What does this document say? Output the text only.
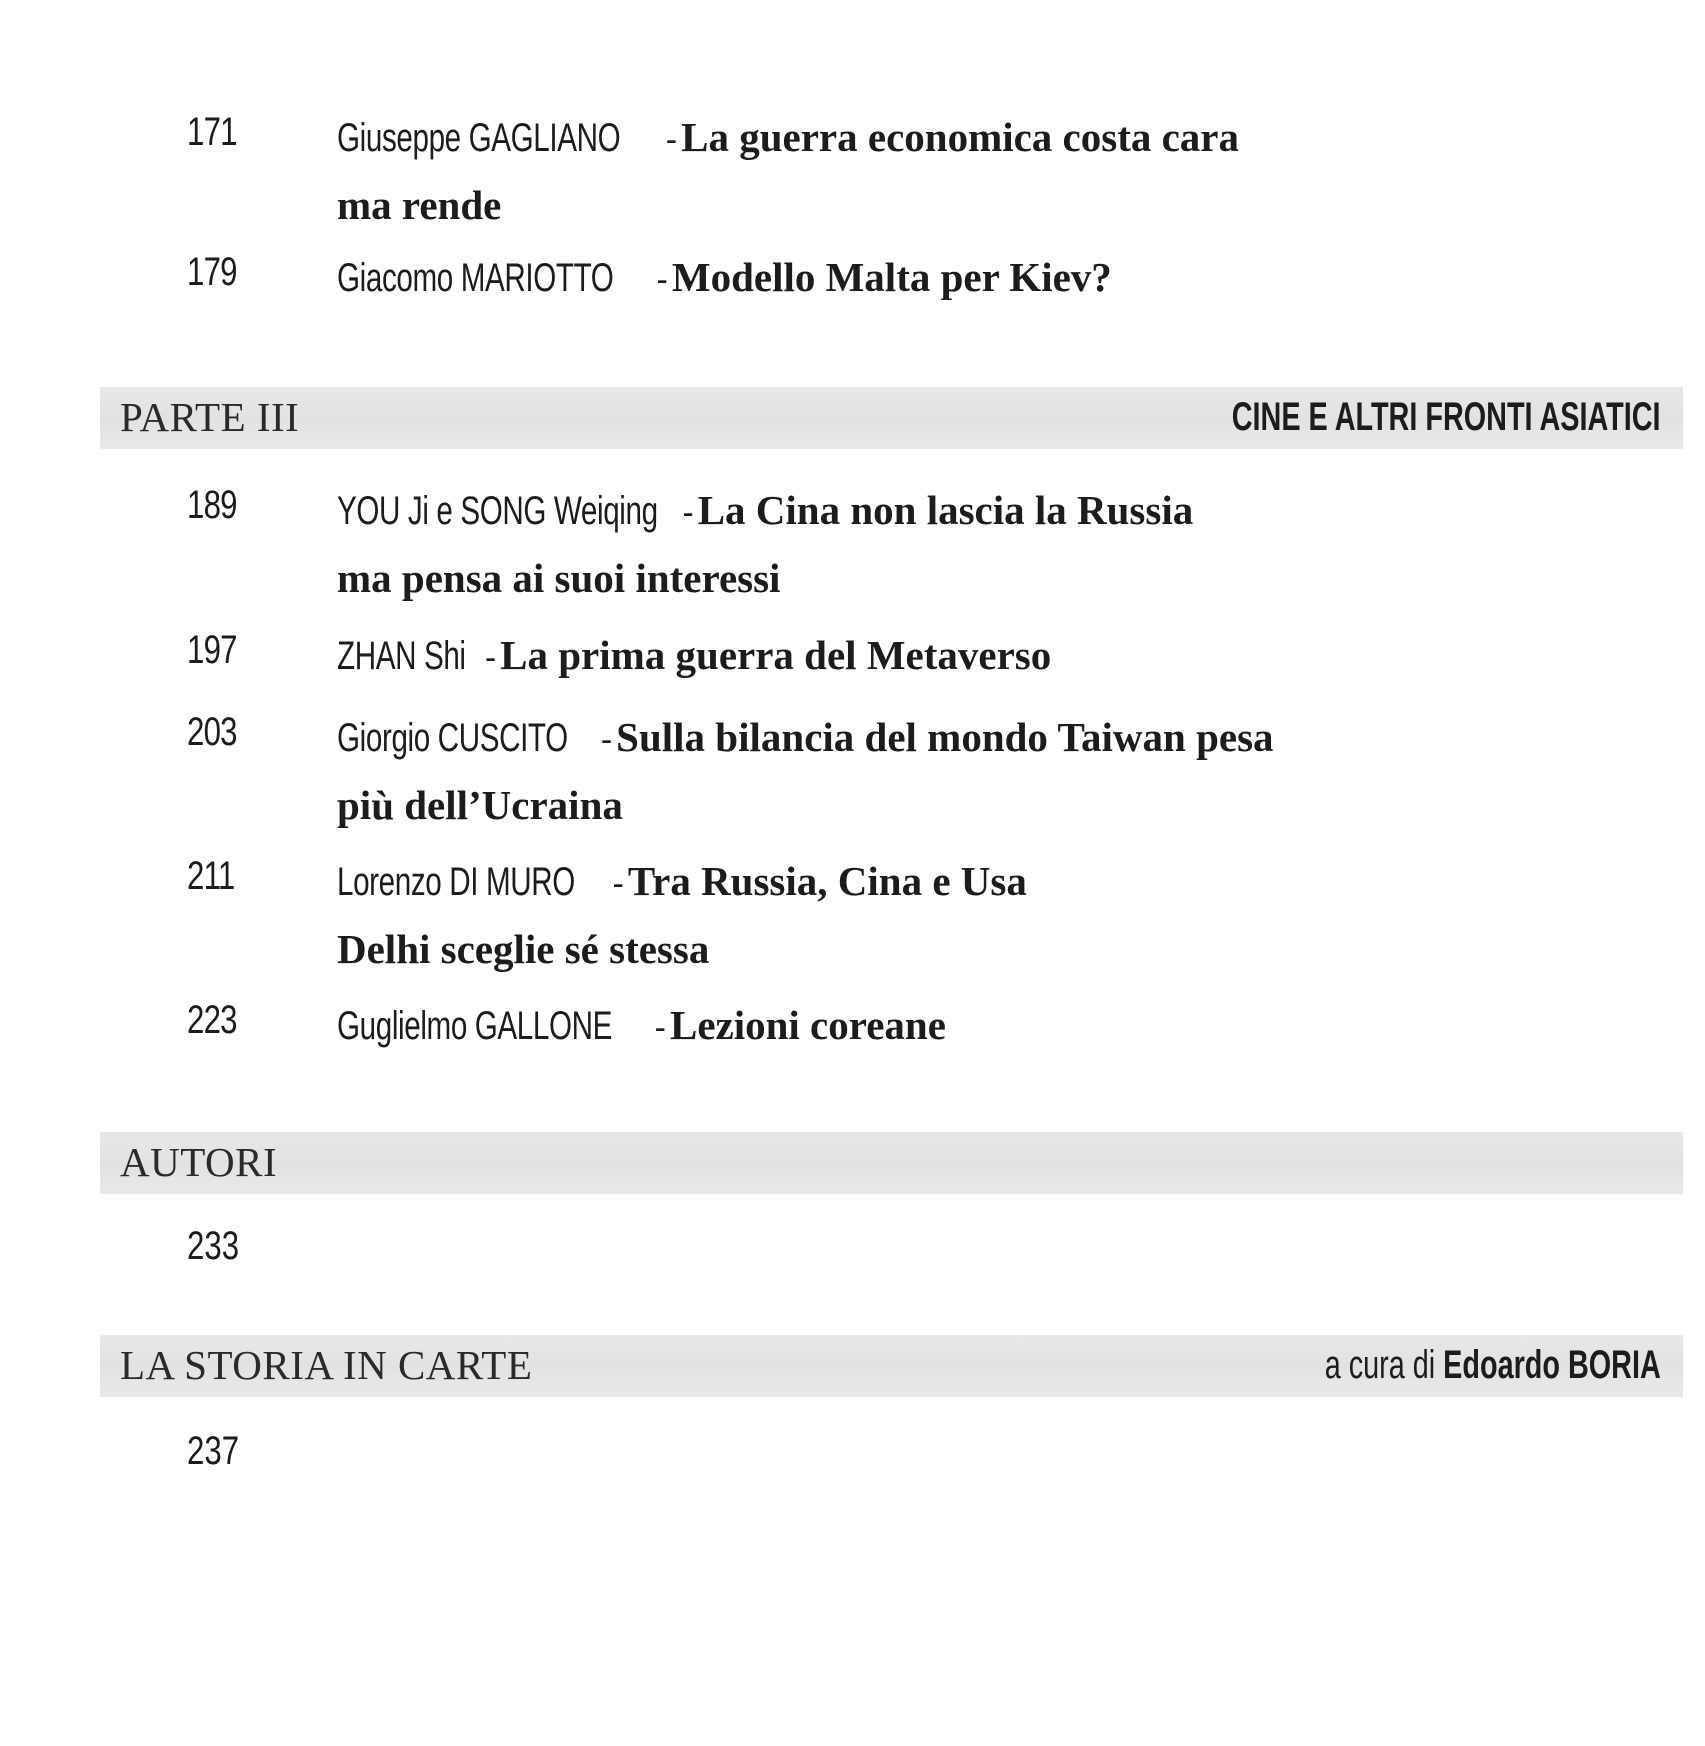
171	Giuseppe GAGLIANO - La guerra economica costa cara
ma rende
179	Giacomo MARIOTTO - Modello Malta per Kiev?
PARTE III	CINE E ALTRI FRONTI ASIATICI
189	YOU Ji e SONG Weiqing - La Cina non lascia la Russia
ma pensa ai suoi interessi
197	ZHAN Shi - La prima guerra del Metaverso
203	Giorgio CUSCITO - Sulla bilancia del mondo Taiwan pesa
più dell’Ucraina
211	Lorenzo DI MURO - Tra Russia, Cina e Usa
Delhi sceglie sé stessa
223	Guglielmo GALLONE - Lezioni coreane
AUTORI
233
LA STORIA IN CARTE	a cura di Edoardo BORIA
237
